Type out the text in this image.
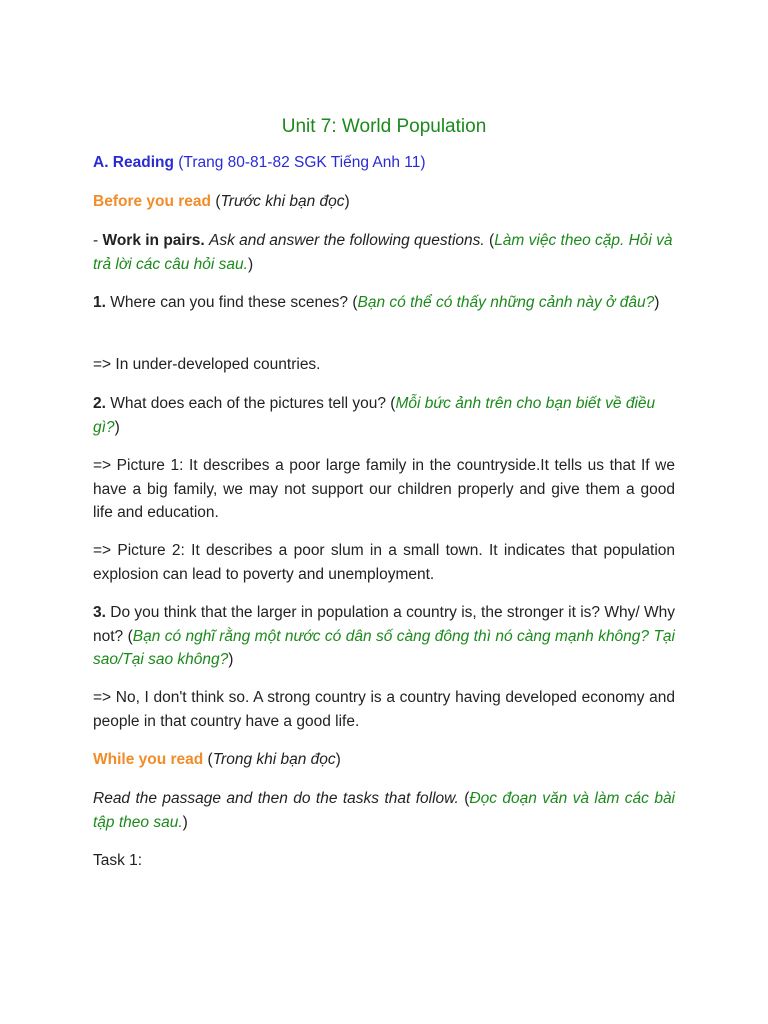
Unit 7: World Population

A. Reading (Trang 80-81-82 SGK Tiếng Anh 11)

Before you read (Trước khi bạn đọc)

- Work in pairs. Ask and answer the following questions. (Làm việc theo cặp. Hỏi và trả lời các câu hỏi sau.)

1. Where can you find these scenes? (Bạn có thể có thấy những cảnh này ở đâu?)

=> In under-developed countries.

2. What does each of the pictures tell you? (Mỗi bức ảnh trên cho bạn biết về điều gì?)

=> Picture 1: It describes a poor large family in the countryside.It tells us that If we have a big family, we may not support our children properly and give them a good life and education.

=> Picture 2: It describes a poor slum in a small town. It indicates that population explosion can lead to poverty and unemployment.

3. Do you think that the larger in population a country is, the stronger it is? Why/ Why not? (Bạn có nghĩ rằng một nước có dân số càng đông thì nó càng mạnh không? Tại sao/Tại sao không?)

=> No, I don't think so. A strong country is a country having developed economy and people in that country have a good life.

While you read (Trong khi bạn đọc)

Read the passage and then do the tasks that follow. (Đọc đoạn văn và làm các bài tập theo sau.)

Task 1:
